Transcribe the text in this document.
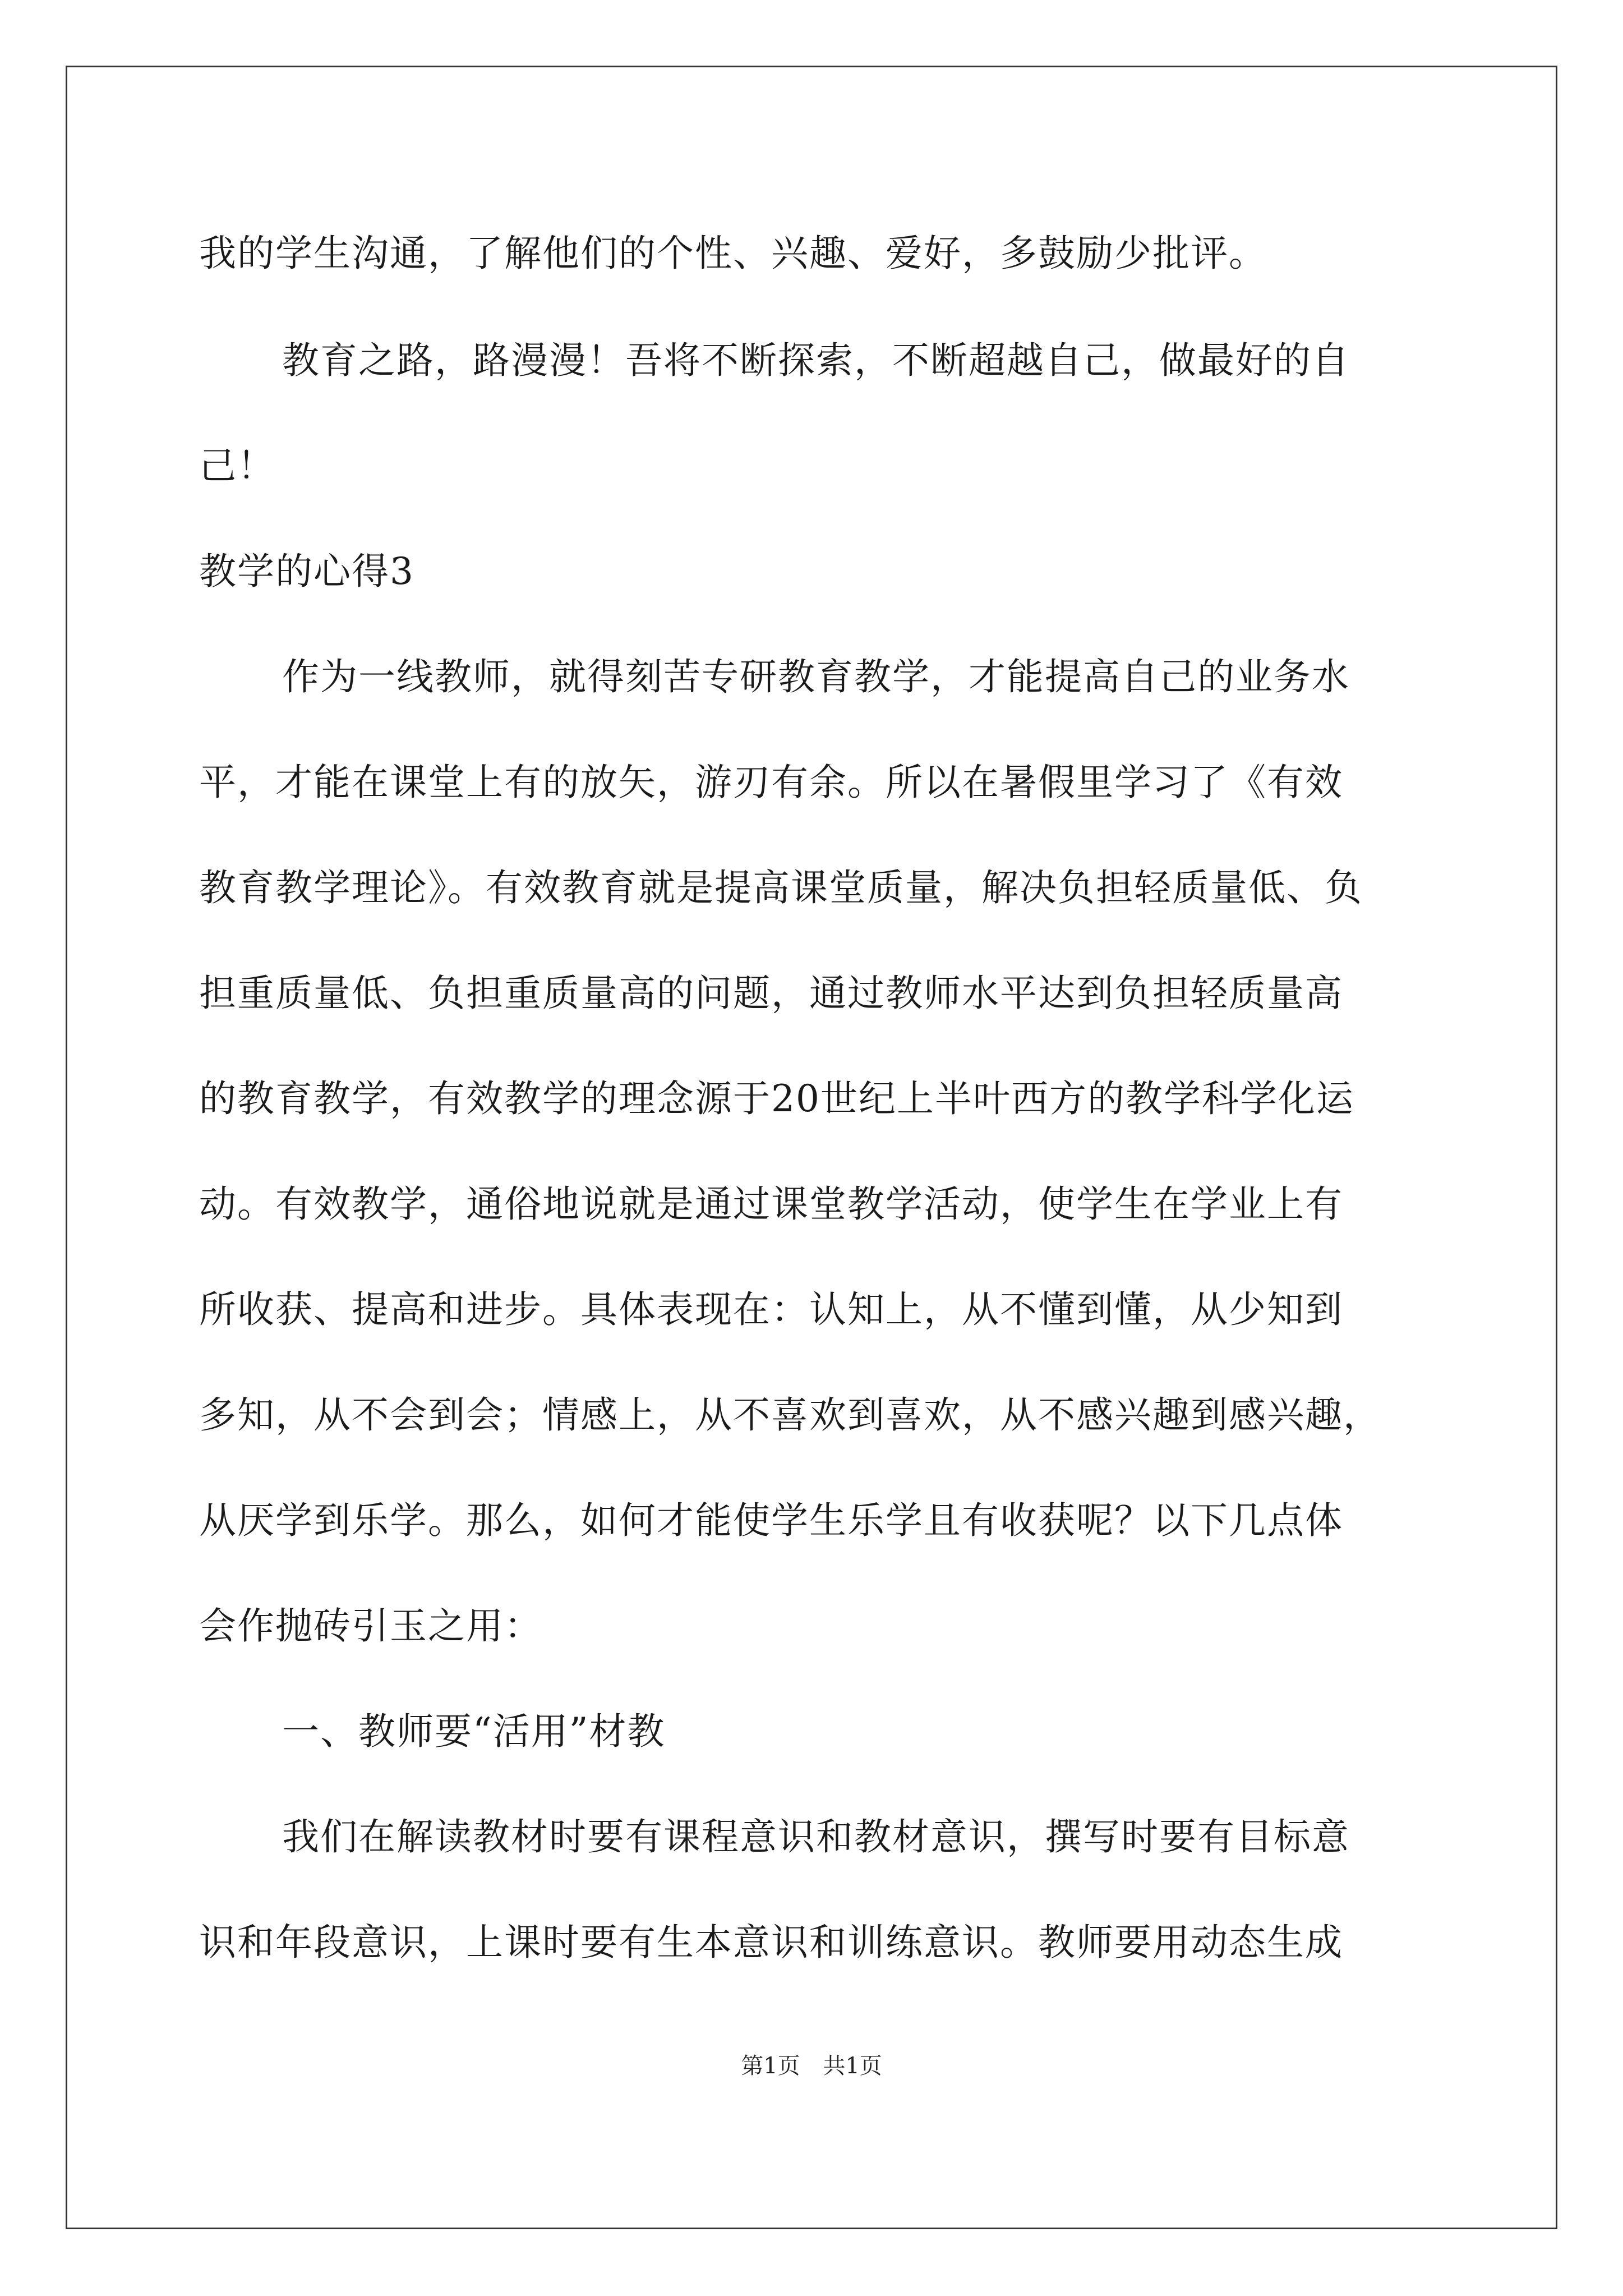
我的学生沟通，了解他们的个性、兴趣、爱好，多鼓励少批评。
教育之路，路漫漫！吾将不断探索，不断超越自己，做最好的自
己！
教学的心得3
作为一线教师，就得刻苦专研教育教学，才能提高自己的业务水
平，才能在课堂上有的放矢，游刃有余。所以在暑假里学习了《有效
教育教学理论》。有效教育就是提高课堂质量，解决负担轻质量低、负
担重质量低、负担重质量高的问题，通过教师水平达到负担轻质量高
的教育教学，有效教学的理念源于20世纪上半叶西方的教学科学化运
动。有效教学，通俗地说就是通过课堂教学活动，使学生在学业上有
所收获、提高和进步。具体表现在：认知上，从不懂到懂，从少知到
多知，从不会到会；情感上，从不喜欢到喜欢，从不感兴趣到感兴趣，
从厌学到乐学。那么，如何才能使学生乐学且有收获呢？以下几点体
会作抛砖引玉之用：
一、教师要“活用”材教
我们在解读教材时要有课程意识和教材意识，撰写时要有目标意
识和年段意识，上课时要有生本意识和训练意识。教师要用动态生成
第1页 共1页
